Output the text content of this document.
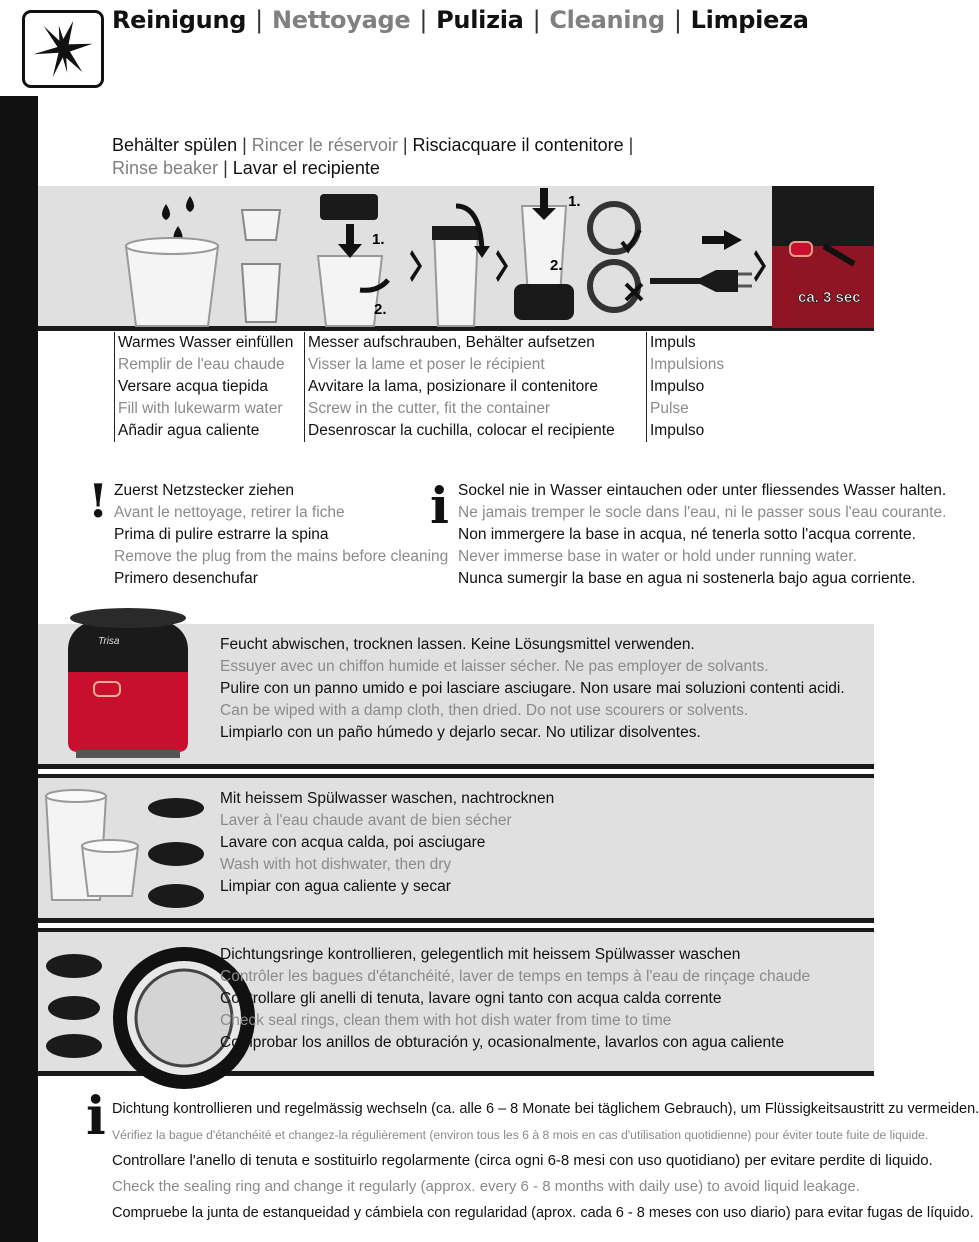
Reinigung | Nettoyage | Pulizia | Cleaning | Limpieza
Behälter spülen | Rincer le réservoir | Risciacquare il contenitore |
Rinse beaker | Lavar el recipiente
1.
2.
1.
2.
ca. 3 sec
Warmes Wasser einfüllen
Remplir de l'eau chaude
Versare acqua tiepida
Fill with lukewarm water
Añadir agua caliente
Messer aufschrauben, Behälter aufsetzen
Visser la lame et poser le récipient
Avvitare la lama, posizionare il contenitore
Screw in the cutter, fit the container
Desenroscar la cuchilla, colocar el recipiente
Impuls
Impulsions
Impulso
Pulse
Impulso
! Zuerst Netzstecker ziehen
Avant le nettoyage, retirer la fiche
Prima di pulire estrarre la spina
Remove the plug from the mains before cleaning
Primero desenchufar
i Sockel nie in Wasser eintauchen oder unter fliessendes Wasser halten.
Ne jamais tremper le socle dans l'eau, ni le passer sous l'eau courante.
Non immergere la base in acqua, né tenerla sotto l'acqua corrente.
Never immerse base in water or hold under running water.
Nunca sumergir la base en agua ni sostenerla bajo agua corriente.
Trisa	Feucht abwischen, trocknen lassen. Keine Lösungsmittel verwenden.
Essuyer avec un chiffon humide et laisser sécher. Ne pas employer de solvants.
Pulire con un panno umido e poi lasciare asciugare. Non usare mai soluzioni contenti acidi.
Can be wiped with a damp cloth, then dried. Do not use scourers or solvents.
Limpiarlo con un paño húmedo y dejarlo secar. No utilizar disolventes.
Mit heissem Spülwasser waschen, nachtrocknen
Laver à l'eau chaude avant de bien sécher
Lavare con acqua calda, poi asciugare
Wash with hot dishwater, then dry
Limpiar con agua caliente y secar
Dichtungsringe kontrollieren, gelegentlich mit heissem Spülwasser waschen
Contrôler les bagues d'étanchéité, laver de temps en temps à l'eau de rinçage chaude
Controllare gli anelli di tenuta, lavare ogni tanto con acqua calda corrente
Check seal rings, clean them with hot dish water from time to time
Comprobar los anillos de obturación y, ocasionalmente, lavarlos con agua caliente
i Dichtung kontrollieren und regelmässig wechseln (ca. alle 6 – 8 Monate bei täglichem Gebrauch), um Flüssigkeitsaustritt zu vermeiden.
Vérifiez la bague d'étanchéité et changez-la régulièrement (environ tous les 6 à 8 mois en cas d'utilisation quotidienne) pour éviter toute fuite de liquide.
Controllare l'anello di tenuta e sostituirlo regolarmente (circa ogni 6-8 mesi con uso quotidiano) per evitare perdite di liquido.
Check the sealing ring and change it regularly (approx. every 6 - 8 months with daily use) to avoid liquid leakage.
Compruebe la junta de estanqueidad y cámbiela con regularidad (aprox. cada 6 - 8 meses con uso diario) para evitar fugas de líquido.
